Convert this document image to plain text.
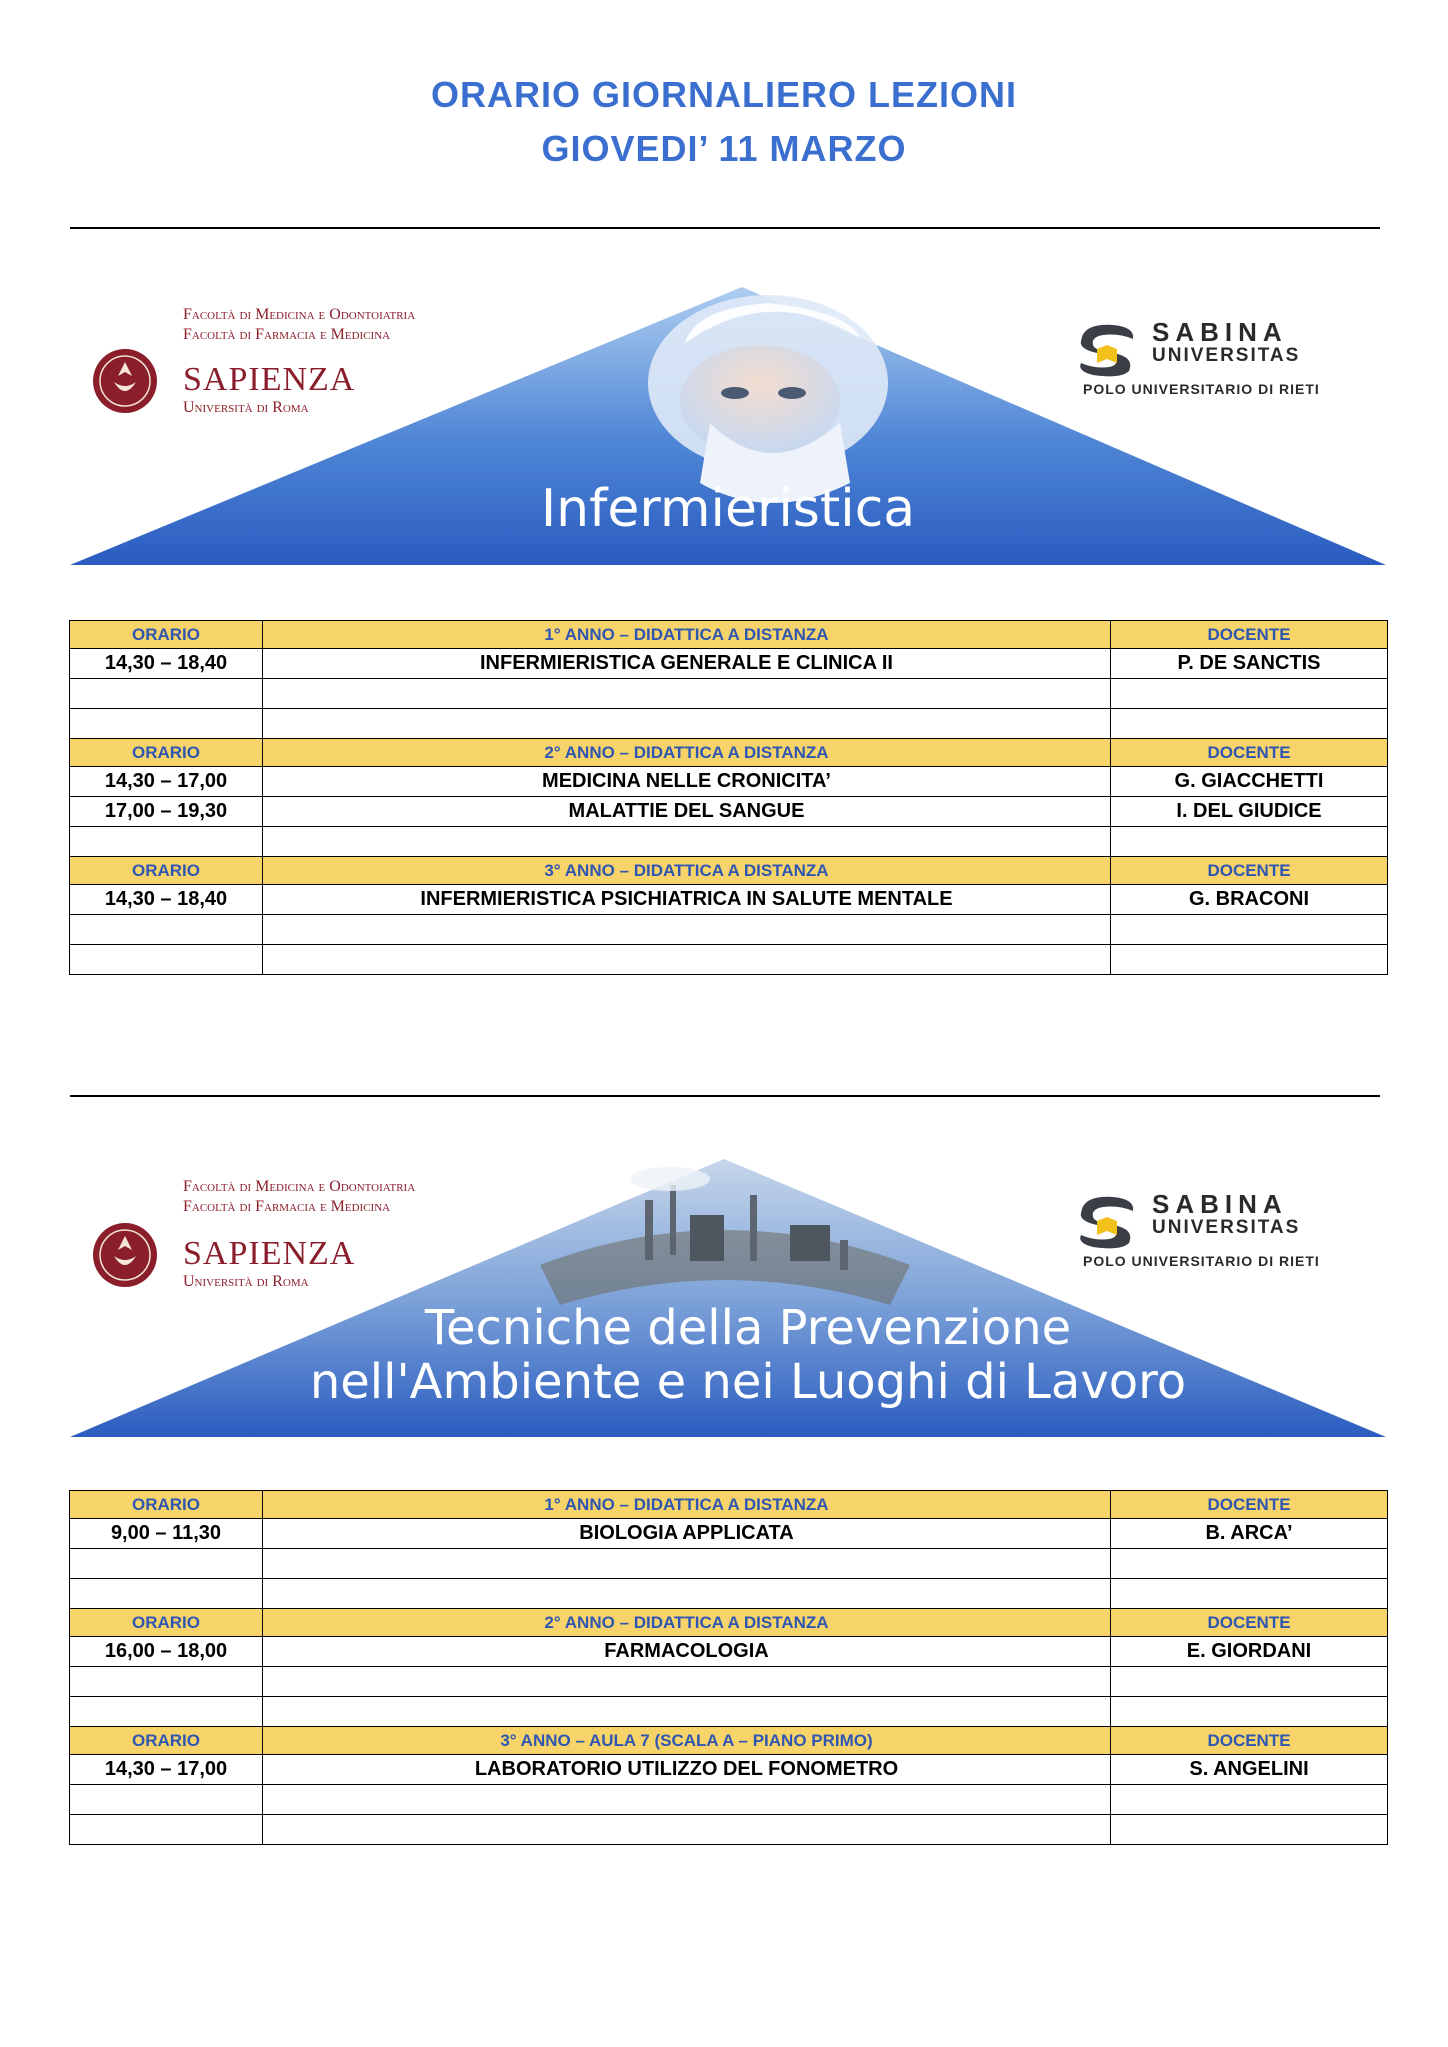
ORARIO GIORNALIERO LEZIONI
GIOVEDI’ 11 MARZO
Infermieristica
Facoltà di Medicina e Odontoiatria
Facoltà di Farmacia e Medicina
SAPIENZA
Università di Roma
SABINA
UNIVERSITAS
POLO UNIVERSITARIO DI RIETI
ORARIO	1° ANNO – DIDATTICA A DISTANZA	DOCENTE
14,30 – 18,40	INFERMIERISTICA GENERALE E CLINICA II	P. DE SANCTIS

ORARIO	2° ANNO – DIDATTICA A DISTANZA	DOCENTE
14,30 – 17,00	MEDICINA NELLE CRONICITA’	G. GIACCHETTI
17,00 – 19,30	MALATTIE DEL SANGUE	I. DEL GIUDICE

ORARIO	3° ANNO – DIDATTICA A DISTANZA	DOCENTE
14,30 – 18,40	INFERMIERISTICA PSICHIATRICA IN SALUTE MENTALE	G. BRACONI

Tecniche della Prevenzione
nell'Ambiente e nei Luoghi di Lavoro
Facoltà di Medicina e Odontoiatria
Facoltà di Farmacia e Medicina
SAPIENZA
Università di Roma
SABINA
UNIVERSITAS
POLO UNIVERSITARIO DI RIETI
ORARIO	1° ANNO – DIDATTICA A DISTANZA	DOCENTE
9,00 – 11,30	BIOLOGIA APPLICATA	B. ARCA’

ORARIO	2° ANNO – DIDATTICA A DISTANZA	DOCENTE
16,00 – 18,00	FARMACOLOGIA	E. GIORDANI

ORARIO	3° ANNO – AULA 7 (SCALA A – PIANO PRIMO)	DOCENTE
14,30 – 17,00	LABORATORIO UTILIZZO DEL FONOMETRO	S. ANGELINI
